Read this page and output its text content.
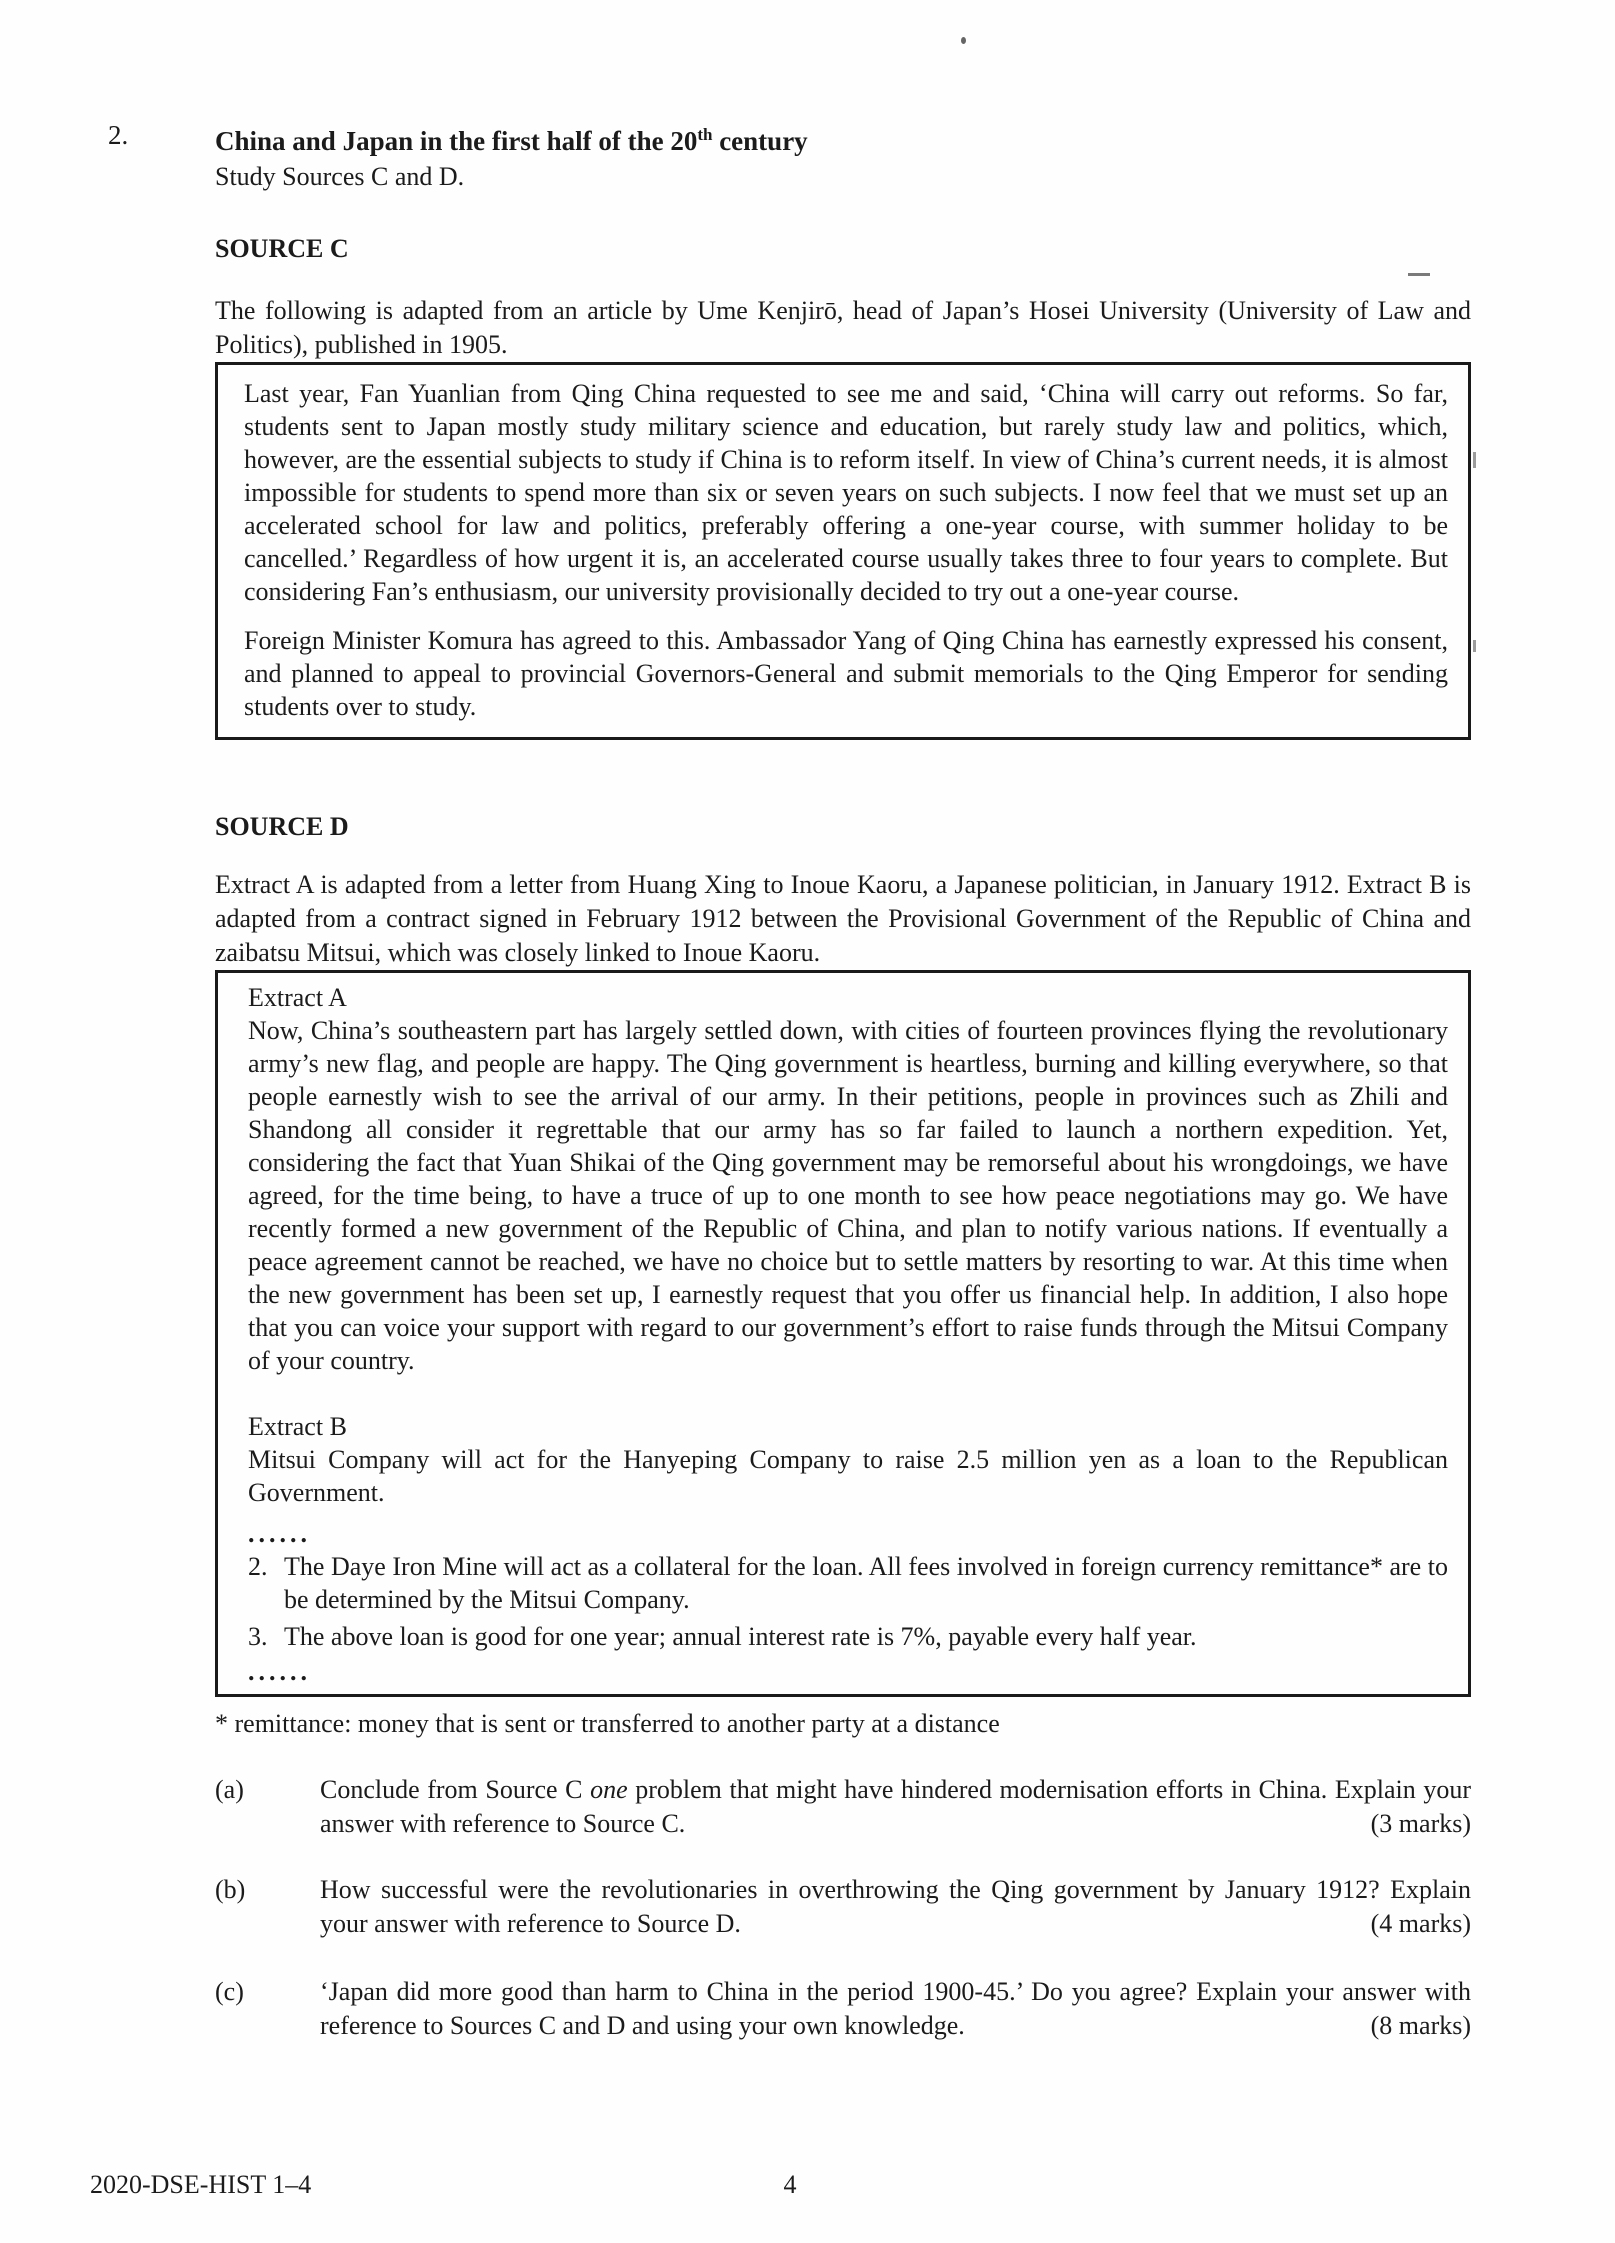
2.	China and Japan in the first half of the 20th century
Study Sources C and D.
SOURCE C
The following is adapted from an article by Ume Kenjirō, head of Japan’s Hosei University (University of Law and Politics), published in 1905.

Last year, Fan Yuanlian from Qing China requested to see me and said, ‘China will carry out reforms. So far, students sent to Japan mostly study military science and education, but rarely study law and politics, which, however, are the essential subjects to study if China is to reform itself. In view of China’s current needs, it is almost impossible for students to spend more than six or seven years on such subjects. I now feel that we must set up an accelerated school for law and politics, preferably offering a one-year course, with summer holiday to be cancelled.’ Regardless of how urgent it is, an accelerated course usually takes three to four years to complete. But considering Fan’s enthusiasm, our university provisionally decided to try out a one-year course.

Foreign Minister Komura has agreed to this. Ambassador Yang of Qing China has earnestly expressed his consent, and planned to appeal to provincial Governors-General and submit memorials to the Qing Emperor for sending students over to study.

SOURCE D
Extract A is adapted from a letter from Huang Xing to Inoue Kaoru, a Japanese politician, in January 1912. Extract B is adapted from a contract signed in February 1912 between the Provisional Government of the Republic of China and zaibatsu Mitsui, which was closely linked to Inoue Kaoru.
Extract A

Now, China’s southeastern part has largely settled down, with cities of fourteen provinces flying the revolutionary army’s new flag, and people are happy. The Qing government is heartless, burning and killing everywhere, so that people earnestly wish to see the arrival of our army. In their petitions, people in provinces such as Zhili and Shandong all consider it regrettable that our army has so far failed to launch a northern expedition. Yet, considering the fact that Yuan Shikai of the Qing government may be remorseful about his wrongdoings, we have agreed, for the time being, to have a truce of up to one month to see how peace negotiations may go. We have recently formed a new government of the Republic of China, and plan to notify various nations. If eventually a peace agreement cannot be reached, we have no choice but to settle matters by resorting to war. At this time when the new government has been set up, I earnestly request that you offer us financial help. In addition, I also hope that you can voice your support with regard to our government’s effort to raise funds through the Mitsui Company of your country.

Extract B

Mitsui Company will act for the Hanyeping Company to raise 2.5 million yen as a loan to the Republican Government.

......
2. The Daye Iron Mine will act as a collateral for the loan. All fees involved in foreign currency remittance* are to be determined by the Mitsui Company.
3. The above loan is good for one year; annual interest rate is 7%, payable every half year.
......
* remittance: money that is sent or transferred to another party at a distance
(a)	Conclude from Source C one problem that might have hindered modernisation efforts in China. Explain your answer with reference to Source C.	(3 marks)
(b)	How successful were the revolutionaries in overthrowing the Qing government by January 1912? Explain your answer with reference to Source D.	(4 marks)
(c)	‘Japan did more good than harm to China in the period 1900-45.’ Do you agree? Explain your answer with reference to Sources C and D and using your own knowledge.	(8 marks)
2020-DSE-HIST 1–4	4
